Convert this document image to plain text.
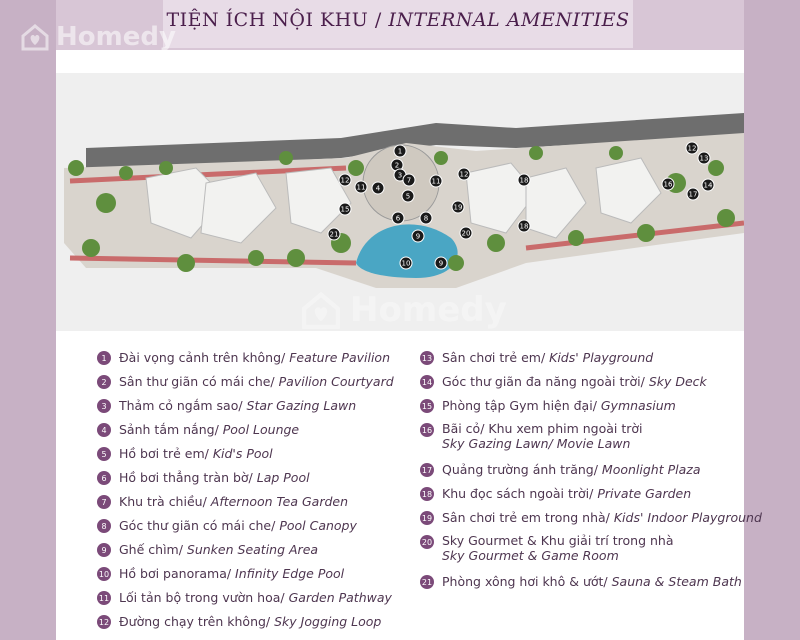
TIỆN ÍCH NỘI KHU / INTERNAL AMENITIES
Homedy
1
2
3
4
5
6
7
8
9
9
10
11
11
12
12
12
13
14
15
16
17
18
18
19
20
21
Homedy
1 Đài vọng cảnh trên không/ Feature Pavilion
2 Sân thư giãn có mái che/ Pavilion Courtyard
3 Thảm cỏ ngắm sao/ Star Gazing Lawn
4 Sảnh tắm nắng/ Pool Lounge
5 Hồ bơi trẻ em/ Kid's Pool
6 Hồ bơi thẳng tràn bờ/ Lap Pool
7 Khu trà chiều/ Afternoon Tea Garden
8 Góc thư giãn có mái che/ Pool Canopy
9 Ghế chìm/ Sunken Seating Area
10 Hồ bơi panorama/ Infinity Edge Pool
11 Lối tản bộ trong vườn hoa/ Garden Pathway
12 Đường chạy trên không/ Sky Jogging Loop
13 Sân chơi trẻ em/ Kids' Playground
14 Góc thư giãn đa năng ngoài trời/ Sky Deck
15 Phòng tập Gym hiện đại/ Gymnasium
16 Bãi cỏ/ Khu xem phim ngoài trời
Sky Gazing Lawn/ Movie Lawn
17 Quảng trường ánh trăng/ Moonlight Plaza
18 Khu đọc sách ngoài trời/ Private Garden
19 Sân chơi trẻ em trong nhà/ Kids' Indoor Playground
20 Sky Gourmet & Khu giải trí trong nhà
Sky Gourmet & Game Room
21 Phòng xông hơi khô & ướt/ Sauna & Steam Bath
